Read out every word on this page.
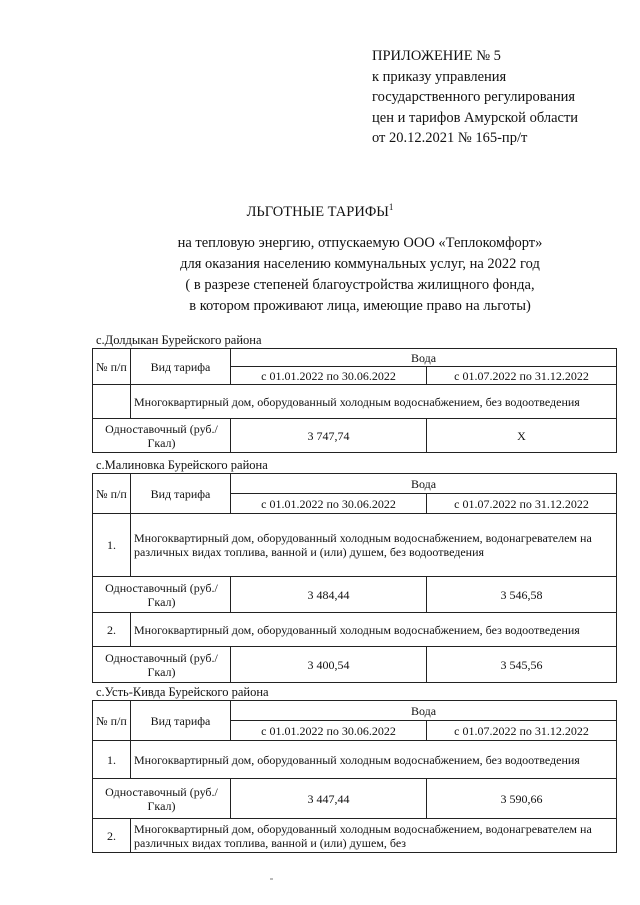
ПРИЛОЖЕНИЕ № 5
к приказу управления
государственного регулирования
цен и тарифов Амурской области
от 20.12.2021 № 165-пр/т
ЛЬГОТНЫЕ ТАРИФЫ$^1$
на тепловую энергию, отпускаемую ООО «Теплокомфорт»
для оказания населению коммунальных услуг, на 2022 год
( в разрезе степеней благоустройства жилищного фонда,
в котором проживают лица, имеющие право на льготы)
с.Долдыкан Бурейского района
№ п/п	Вид тарифа	Вода	
		с 01.01.2022 по 30.06.2022	с 01.07.2022 по 31.12.2022
	Многоквартирный дом, оборудованный холодным водоснабжением, без водоотведения		
Одноставочный (руб./Гкал)		3 747,74	Х
с.Малиновка Бурейского района
№ п/п	Вид тарифа	Вода	
		с 01.01.2022 по 30.06.2022	с 01.07.2022 по 31.12.2022
1.	Многоквартирный дом, оборудованный холодным водоснабжением, водонагревателем на различных видах топлива, ванной и (или) душем, без водоотведения		
Одноставочный (руб./Гкал)		3 484,44	3 546,58
2.	Многоквартирный дом, оборудованный холодным водоснабжением, без водоотведения		
Одноставочный (руб./Гкал)		3 400,54	3 545,56
с.Усть-Кивда Бурейского района
№ п/п	Вид тарифа	Вода	
		с 01.01.2022 по 30.06.2022	с 01.07.2022 по 31.12.2022
1.	Многоквартирный дом, оборудованный холодным водоснабжением, без водоотведения		
Одноставочный (руб./Гкал)		3 447,44	3 590,66
2.	Многоквартирный дом, оборудованный холодным водоснабжением, водонагревателем на различных видах топлива, ванной и (или) душем, без		
